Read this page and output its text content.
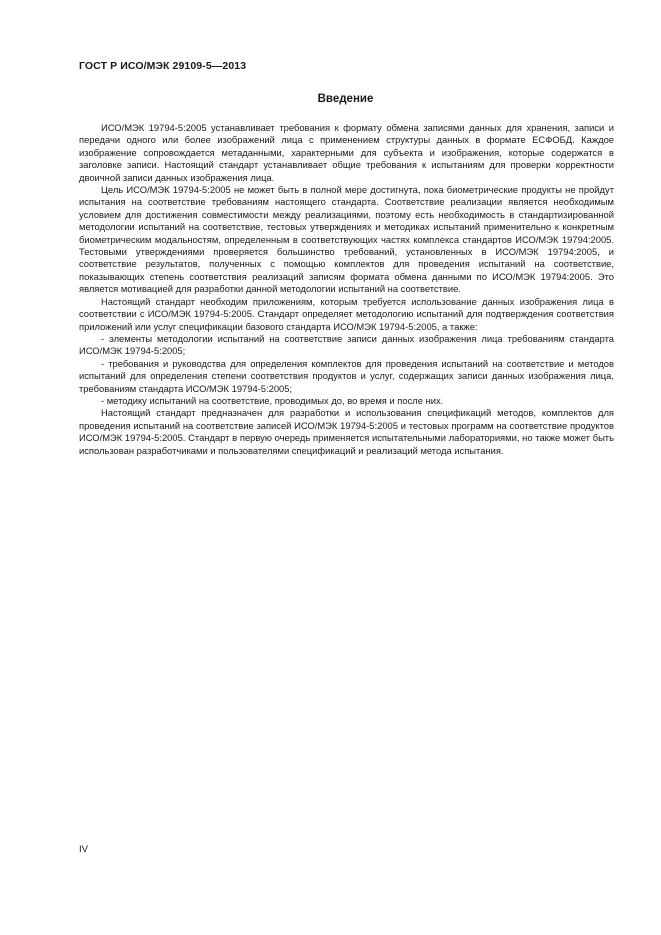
ГОСТ Р ИСО/МЭК 29109-5—2013
Введение

ИСО/МЭК 19794-5:2005 устанавливает требования к формату обмена записями данных для хранения, записи и передачи одного или более изображений лица с применением структуры данных в формате ЕСФОБД. Каждое изображение сопровождается метаданными, характерными для субъекта и изображения, которые содержатся в заголовке записи. Настоящий стандарт устанавливает общие требования к испытаниям для проверки корректности двоичной записи данных изображения лица.

Цель ИСО/МЭК 19794-5:2005 не может быть в полной мере достигнута, пока биометрические продукты не пройдут испытания на соответствие требованиям настоящего стандарта. Соответствие реализации является необходимым условием для достижения совместимости между реализациями, поэтому есть необходимость в стандартизированной методологии испытаний на соответствие, тестовых утверждениях и методиках испытаний применительно к конкретным биометрическим модальностям, определенным в соответствующих частях комплекса стандартов ИСО/МЭК 19794:2005. Тестовыми утверждениями проверяется большинство требований, установленных в ИСО/МЭК 19794:2005, и соответствие результатов, полученных с помощью комплектов для проведения испытаний на соответствие, показывающих степень соответствия реализаций записям формата обмена данными по ИСО/МЭК 19794:2005. Это является мотивацией для разработки данной методологии испытаний на соответствие.

Настоящий стандарт необходим приложениям, которым требуется использование данных изображения лица в соответствии с ИСО/МЭК 19794-5:2005. Стандарт определяет методологию испытаний для подтверждения соответствия приложений или услуг спецификации базового стандарта ИСО/МЭК 19794-5:2005, а также:

- элементы методологии испытаний на соответствие записи данных изображения лица требованиям стандарта ИСО/МЭК 19794-5:2005;

- требования и руководства для определения комплектов для проведения испытаний на соответствие и методов испытаний для определения степени соответствия продуктов и услуг, содержащих записи данных изображения лица, требованиям стандарта ИСО/МЭК 19794-5:2005;

- методику испытаний на соответствие, проводимых до, во время и после них.

Настоящий стандарт предназначен для разработки и использования спецификаций методов, комплектов для проведения испытаний на соответствие записей ИСО/МЭК 19794-5:2005 и тестовых программ на соответствие продуктов ИСО/МЭК 19794-5:2005. Стандарт в первую очередь применяется испытательными лабораториями, но также может быть использован разработчиками и пользователями спецификаций и реализаций метода испытания.

IV
